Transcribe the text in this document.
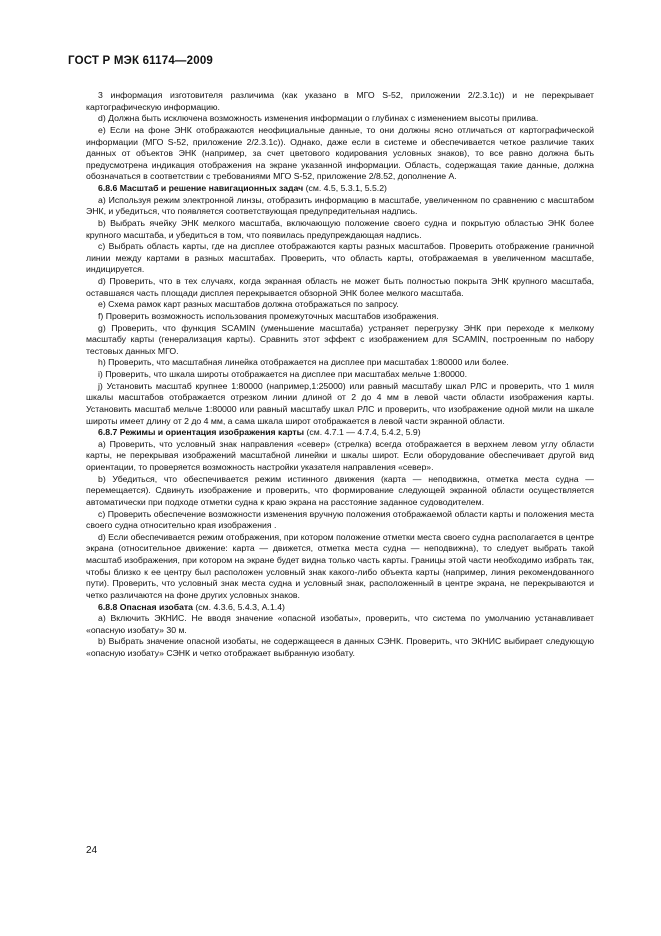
ГОСТ Р МЭК 61174—2009

3 информация изготовителя различима (как указано в МГО S-52, приложении 2/2.3.1с)) и не перекрывает картографическую информацию.

d) Должна быть исключена возможность изменения информации о глубинах с изменением высоты прилива.

е) Если на фоне ЭНК отображаются неофициальные данные, то они должны ясно отличаться от картографической информации (МГО S-52, приложение 2/2.3.1с)). Однако, даже если в системе и обеспечивается четкое различие таких данных от объектов ЭНК (например, за счет цветового кодирования условных знаков), то все равно должна быть предусмотрена индикация отображения на экране указанной информации. Область, содержащая такие данные, должна обозначаться в соответствии с требованиями МГО S-52, приложение 2/8.52, дополнение А.

6.8.6 Масштаб и решение навигационных задач (см. 4.5, 5.3.1, 5.5.2)

а) Используя режим электронной линзы, отобразить информацию в масштабе, увеличенном по сравнению с масштабом ЭНК, и убедиться, что появляется соответствующая предупредительная надпись.

b) Выбрать ячейку ЭНК мелкого масштаба, включающую положение своего судна и покрытую областью ЭНК более крупного масштаба, и убедиться в том, что появилась предупреждающая надпись.

с) Выбрать область карты, где на дисплее отображаются карты разных масштабов. Проверить отображение граничной линии между картами в разных масштабах. Проверить, что область карты, отображаемая в увеличенном масштабе, индицируется.

d) Проверить, что в тех случаях, когда экранная область не может быть полностью покрыта ЭНК крупного масштаба, оставшаяся часть площади дисплея перекрывается обзорной ЭНК более мелкого масштаба.

е) Схема рамок карт разных масштабов должна отображаться по запросу.

f) Проверить возможность использования промежуточных масштабов изображения.

g) Проверить, что функция SCAMIN (уменьшение масштаба) устраняет перегрузку ЭНК при переходе к мелкому масштабу карты (генерализация карты). Сравнить этот эффект с изображением для SCAMIN, построенным по набору тестовых данных МГО.

h) Проверить, что масштабная линейка отображается на дисплее при масштабах 1:80000 или более.

i) Проверить, что шкала широты отображается на дисплее при масштабах мельче 1:80000.

j) Установить масштаб крупнее 1:80000 (например,1:25000) или равный масштабу шкал РЛС и проверить, что 1 миля шкалы масштабов отображается отрезком линии длиной от 2 до 4 мм в левой части области изображения карты. Установить масштаб мельче 1:80000 или равный масштабу шкал РЛС и проверить, что изображение одной мили на шкале широты имеет длину от 2 до 4 мм, а сама шкала широт отображается в левой части экранной области.

6.8.7 Режимы и ориентация изображения карты (см. 4.7.1 — 4.7.4, 5.4.2, 5.9)

а) Проверить, что условный знак направления «север» (стрелка) всегда отображается в верхнем левом углу области карты, не перекрывая изображений масштабной линейки и шкалы широт. Если оборудование обеспечивает другой вид ориентации, то проверяется возможность настройки указателя направления «север».

b) Убедиться, что обеспечивается режим истинного движения (карта — неподвижна, отметка места судна — перемещается). Сдвинуть изображение и проверить, что формирование следующей экранной области осуществляется автоматически при подходе отметки судна к краю экрана на расстояние заданное судоводителем.

с) Проверить обеспечение возможности изменения вручную положения отображаемой области карты и положения места своего судна относительно края изображения .

d) Если обеспечивается режим отображения, при котором положение отметки места своего судна располагается в центре экрана (относительное движение: карта — движется, отметка места судна — неподвижна), то следует выбрать такой масштаб изображения, при котором на экране будет видна только часть карты. Границы этой части необходимо избрать так, чтобы близко к ее центру был расположен условный знак какого-либо объекта карты (например, линия рекомендованного пути). Проверить, что условный знак места судна и условный знак, расположенный в центре экрана, не перекрываются и четко различаются на фоне других условных знаков.

6.8.8 Опасная изобата (см. 4.3.6, 5.4.3, А.1.4)

а) Включить ЭКНИС. Не вводя значение «опасной изобаты», проверить, что система по умолчанию устанавливает «опасную изобату» 30 м.

b) Выбрать значение опасной изобаты, не содержащееся в данных СЭНК. Проверить, что ЭКНИС выбирает следующую «опасную изобату» СЭНК и четко отображает выбранную изобату.

24
